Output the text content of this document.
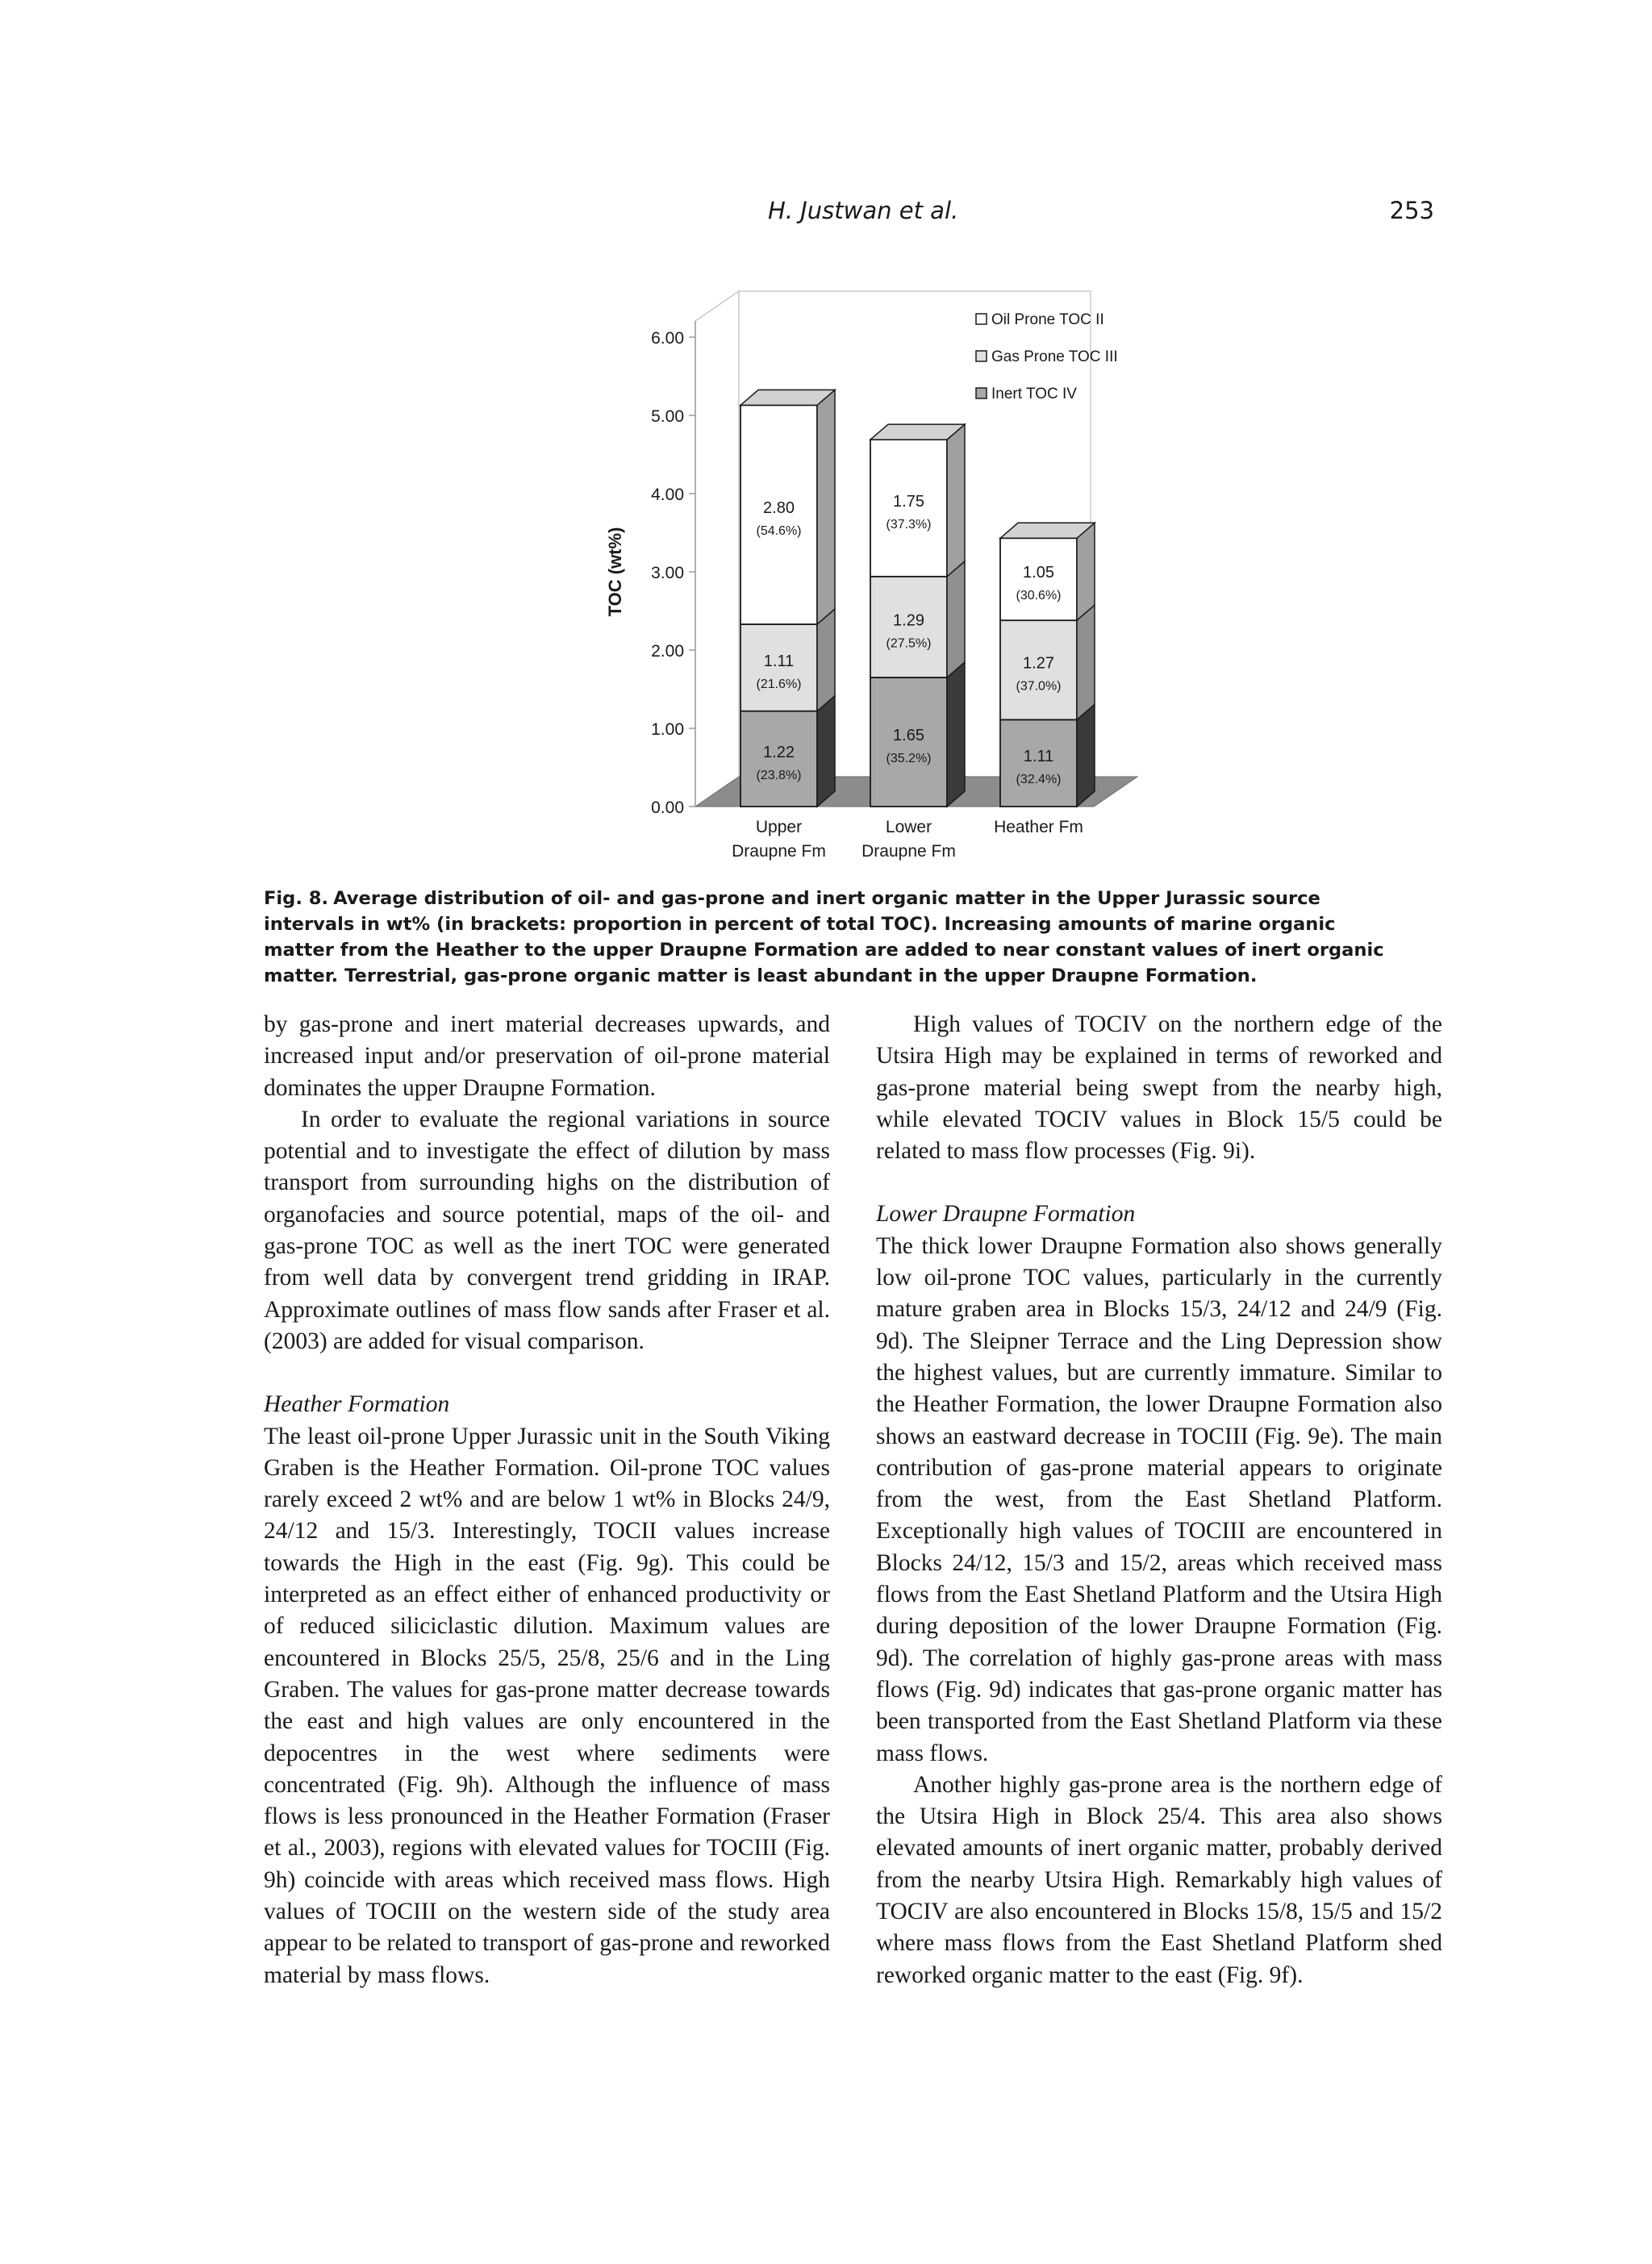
H. Justwan et al.	253
0.00
1.00
2.00
3.00
4.00
5.00
6.00
TOC (wt%)
1.22
(23.8%)
1.11
(21.6%)
2.80
(54.6%)
Upper
Draupne Fm
1.65
(35.2%)
1.29
(27.5%)
1.75
(37.3%)
Lower
Draupne Fm
1.11
(32.4%)
1.27
(37.0%)
1.05
(30.6%)
Heather Fm
Oil Prone TOC II
Gas Prone TOC III
Inert TOC IV
Fig. 8. Average distribution of oil- and gas-prone and inert organic matter in the Upper Jurassic source intervals in wt% (in brackets: proportion in percent of total TOC). Increasing amounts of marine organic matter from the Heather to the upper Draupne Formation are added to near constant values of inert organic matter. Terrestrial, gas-prone organic matter is least abundant in the upper Draupne Formation.

by gas-prone and inert material decreases upwards, and increased input and/or preservation of oil-prone material dominates the upper Draupne Formation.

In order to evaluate the regional variations in source potential and to investigate the effect of dilution by mass transport from surrounding highs on the distribution of organofacies and source potential, maps of the oil- and gas-prone TOC as well as the inert TOC were generated from well data by convergent trend gridding in IRAP. Approximate outlines of mass flow sands after Fraser et al. (2003) are added for visual comparison.

Heather Formation

The least oil-prone Upper Jurassic unit in the South Viking Graben is the Heather Formation. Oil-prone TOC values rarely exceed 2 wt% and are below 1 wt% in Blocks 24/9, 24/12 and 15/3. Interestingly, TOCII values increase towards the High in the east (Fig. 9g). This could be interpreted as an effect either of enhanced productivity or of reduced siliciclastic dilution. Maximum values are encountered in Blocks 25/5, 25/8, 25/6 and in the Ling Graben. The values for gas-prone matter decrease towards the east and high values are only encountered in the depocentres in the west where sediments were concentrated (Fig. 9h). Although the influence of mass flows is less pronounced in the Heather Formation (Fraser et al., 2003), regions with elevated values for TOCIII (Fig. 9h) coincide with areas which received mass flows. High values of TOCIII on the western side of the study area appear to be related to transport of gas-prone and reworked material by mass flows.

High values of TOCIV on the northern edge of the Utsira High may be explained in terms of reworked and gas-prone material being swept from the nearby high, while elevated TOCIV values in Block 15/5 could be related to mass flow processes (Fig. 9i).

Lower Draupne Formation

The thick lower Draupne Formation also shows generally low oil-prone TOC values, particularly in the currently mature graben area in Blocks 15/3, 24/12 and 24/9 (Fig. 9d). The Sleipner Terrace and the Ling Depression show the highest values, but are currently immature. Similar to the Heather Formation, the lower Draupne Formation also shows an eastward decrease in TOCIII (Fig. 9e). The main contribution of gas-prone material appears to originate from the west, from the East Shetland Platform. Exceptionally high values of TOCIII are encountered in Blocks 24/12, 15/3 and 15/2, areas which received mass flows from the East Shetland Platform and the Utsira High during deposition of the lower Draupne Formation (Fig. 9d). The correlation of highly gas-prone areas with mass flows (Fig. 9d) indicates that gas-prone organic matter has been transported from the East Shetland Platform via these mass flows.

Another highly gas-prone area is the northern edge of the Utsira High in Block 25/4. This area also shows elevated amounts of inert organic matter, probably derived from the nearby Utsira High. Remarkably high values of TOCIV are also encountered in Blocks 15/8, 15/5 and 15/2 where mass flows from the East Shetland Platform shed reworked organic matter to the east (Fig. 9f).
